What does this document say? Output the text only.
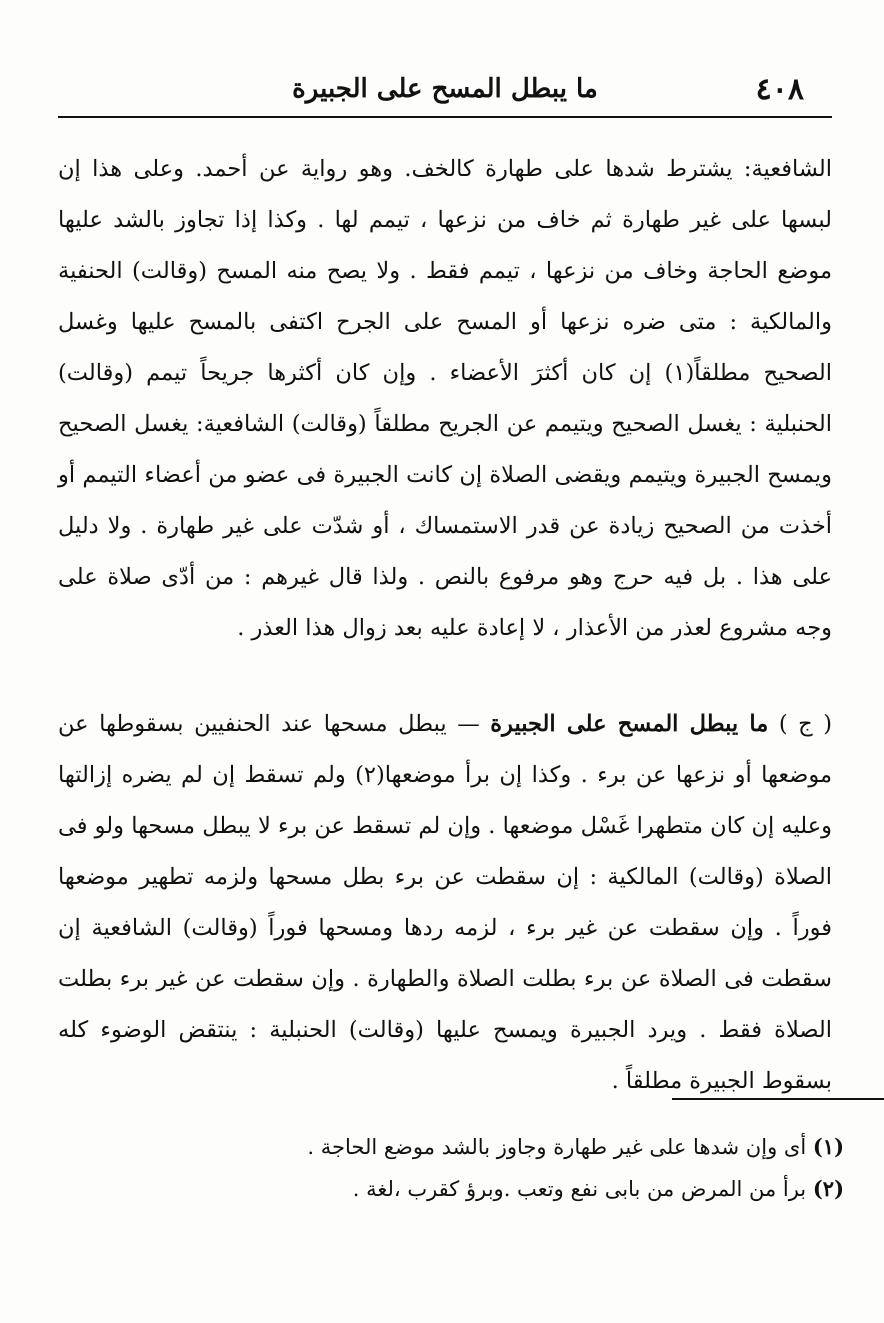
٤٠٨
ما يبطل المسح على الجبيرة

الشافعية: يشترط شدها على طهارة كالخف. وهو رواية عن أحمد. وعلى هذا إن لبسها على غير طهارة ثم خاف من نزعها ، تيمم لها . وكذا إذا تجاوز بالشد عليها موضع الحاجة وخاف من نزعها ، تيمم فقط . ولا يصح منه المسح (وقالت) الحنفية والمالكية : متى ضره نزعها أو المسح على الجرح اكتفى بالمسح عليها وغسل الصحيح مطلقاً(١) إن كان أكثرَ الأعضاء . وإن كان أكثرها جريحاً تيمم (وقالت) الحنبلية : يغسل الصحيح ويتيمم عن الجريح مطلقاً (وقالت) الشافعية: يغسل الصحيح ويمسح الجبيرة ويتيمم ويقضى الصلاة إن كانت الجبيرة فى عضو من أعضاء التيمم أو أخذت من الصحيح زيادة عن قدر الاستمساك ، أو شدّت على غير طهارة . ولا دليل على هذا . بل فيه حرج وهو مرفوع بالنص . ولذا قال غيرهم : من أدّى صلاة على وجه مشروع لعذر من الأعذار ، لا إعادة عليه بعد زوال هذا العذر .

( ج ) ما يبطل المسح على الجبيرة — يبطل مسحها عند الحنفيين بسقوطها عن موضعها أو نزعها عن برء . وكذا إن برأ موضعها(٢) ولم تسقط إن لم يضره إزالتها وعليه إن كان متطهرا غَسْل موضعها . وإن لم تسقط عن برء لا يبطل مسحها ولو فى الصلاة (وقالت) المالكية : إن سقطت عن برء بطل مسحها ولزمه تطهير موضعها فوراً . وإن سقطت عن غير برء ، لزمه ردها ومسحها فوراً (وقالت) الشافعية إن سقطت فى الصلاة عن برء بطلت الصلاة والطهارة . وإن سقطت عن غير برء بطلت الصلاة فقط . ويرد الجبيرة ويمسح عليها (وقالت) الحنبلية : ينتقض الوضوء كله بسقوط الجبيرة مطلقاً .

(١) أى وإن شدها على غير طهارة وجاوز بالشد موضع الحاجة .

(٢) برأ من المرض من بابى نفع وتعب .وبرؤ كقرب ،لغة .
